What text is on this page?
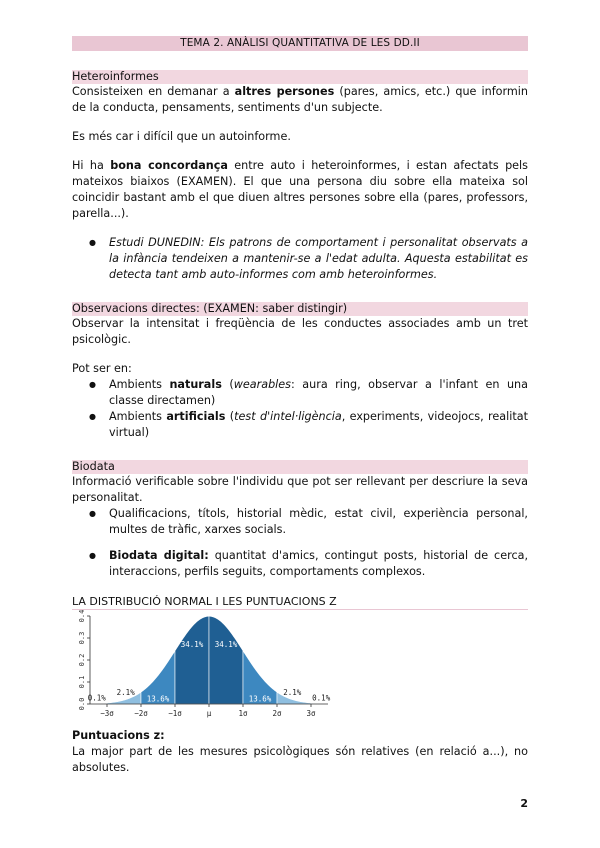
TEMA 2. ANÀLISI QUANTITATIVA DE LES DD.II
Heteroinformes

Consisteixen en demanar a altres persones (pares, amics, etc.) que informin de la conducta, pensaments, sentiments d'un subjecte.

Es més car i difícil que un autoinforme.

Hi ha bona concordança entre auto i heteroinformes, i estan afectats pels mateixos biaixos (EXAMEN). El que una persona diu sobre ella mateixa sol coincidir bastant amb el que diuen altres persones sobre ella (pares, professors, parella...).

● Estudi DUNEDIN: Els patrons de comportament i personalitat observats a la infància tendeixen a mantenir-se a l'edat adulta. Aquesta estabilitat es detecta tant amb auto-informes com amb heteroinformes.
Observacions directes: (EXAMEN: saber distingir)

Observar la intensitat i freqüència de les conductes associades amb un tret psicològic.

Pot ser en:

● Ambients naturals (wearables: aura ring, observar a l'infant en una classe directamen)
● Ambients artificials (test d'intel·ligència, experiments, videojocs, realitat virtual)
Biodata

Informació verificable sobre l'individu que pot ser rellevant per descriure la seva personalitat.

● Qualificacions, títols, historial mèdic, estat civil, experiència personal, multes de tràfic, xarxes socials.
● Biodata digital: quantitat d'amics, contingut posts, historial de cerca, interaccions, perfils seguits, comportaments complexos.
LA DISTRIBUCIÓ NORMAL I LES PUNTUACIONS Z
0.0
0.1
0.2
0.3
0.4
−3σ	−2σ	−1σ	μ	1σ	2σ	3σ
2.1%
13.6%
34.1% 34.1%
13.6%
2.1%
0.1%	0.1%

Puntuacions z:

La major part de les mesures psicològiques són relatives (en relació a...), no absolutes.

2
